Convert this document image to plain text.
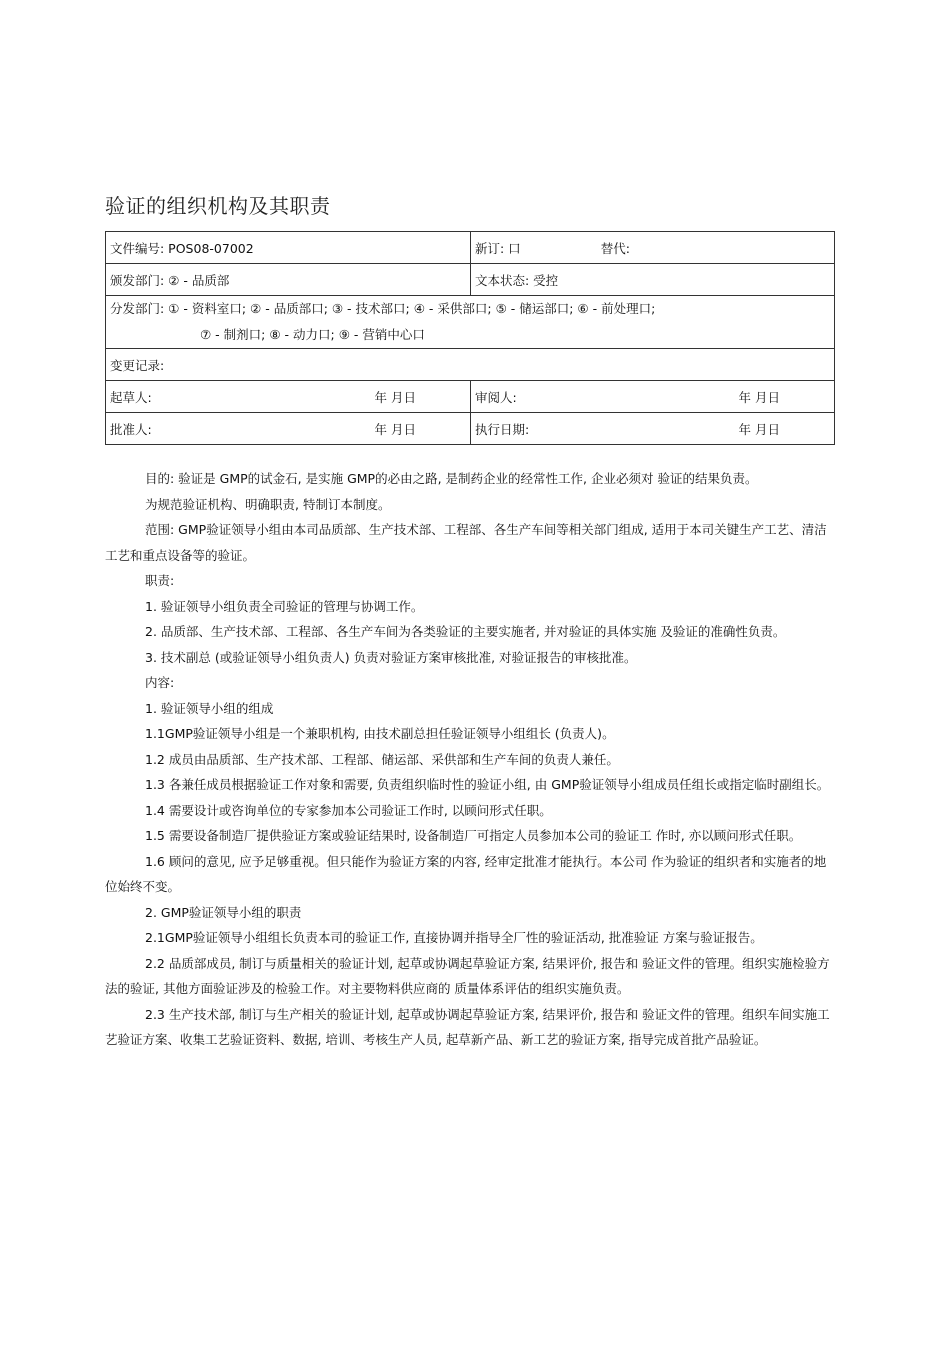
验证的组织机构及其职责
文件编号: POS08-07002	新订: 口 替代:

颁发部门: ② - 品质部	文本状态: 受控

分发部门: ① - 资料室口; ② - 品质部口; ③ - 技术部口; ④ - 采供部口; ⑤ - 储运部口; ⑥ - 前处理口;
⑦ - 制剂口; ⑧ - 动力口; ⑨ - 营销中心口	

变更记录:	

起草人: 年 月日	审阅人: 年 月日

批准人: 年 月日	执行日期: 年 月日

目的: 验证是 GMP的试金石, 是实施 GMP的必由之路, 是制药企业的经常性工作, 企业必须对 验证的结果负责。

为规范验证机构、明确职责, 特制订本制度。

范围: GMP验证领导小组由本司品质部、生产技术部、工程部、各生产车间等相关部门组成, 适用于本司关键生产工艺、清洁工艺和重点设备等的验证。

职责:

1. 验证领导小组负责全司验证的管理与协调工作。

2. 品质部、生产技术部、工程部、各生产车间为各类验证的主要实施者, 并对验证的具体实施 及验证的准确性负责。

3. 技术副总 (或验证领导小组负责人) 负责对验证方案审核批准, 对验证报告的审核批准。

内容:

1. 验证领导小组的组成

1.1GMP验证领导小组是一个兼职机构, 由技术副总担任验证领导小组组长 (负责人)。

1.2 成员由品质部、生产技术部、工程部、储运部、采供部和生产车间的负责人兼任。

1.3 各兼任成员根据验证工作对象和需要, 负责组织临时性的验证小组, 由 GMP验证领导小组成员任组长或指定临时副组长。

1.4 需要设计或咨询单位的专家参加本公司验证工作时, 以顾问形式任职。

1.5 需要设备制造厂提供验证方案或验证结果时, 设备制造厂可指定人员参加本公司的验证工 作时, 亦以顾问形式任职。

1.6 顾问的意见, 应予足够重视。但只能作为验证方案的内容, 经审定批准才能执行。本公司 作为验证的组织者和实施者的地位始终不变。

2. GMP验证领导小组的职责

2.1GMP验证领导小组组长负责本司的验证工作, 直接协调并指导全厂性的验证活动, 批准验证 方案与验证报告。

2.2 品质部成员, 制订与质量相关的验证计划, 起草或协调起草验证方案, 结果评价, 报告和 验证文件的管理。组织实施检验方法的验证, 其他方面验证涉及的检验工作。对主要物料供应商的 质量体系评估的组织实施负责。

2.3 生产技术部, 制订与生产相关的验证计划, 起草或协调起草验证方案, 结果评价, 报告和 验证文件的管理。组织车间实施工艺验证方案、收集工艺验证资料、数据, 培训、考核生产人员, 起草新产品、新工艺的验证方案, 指导完成首批产品验证。
